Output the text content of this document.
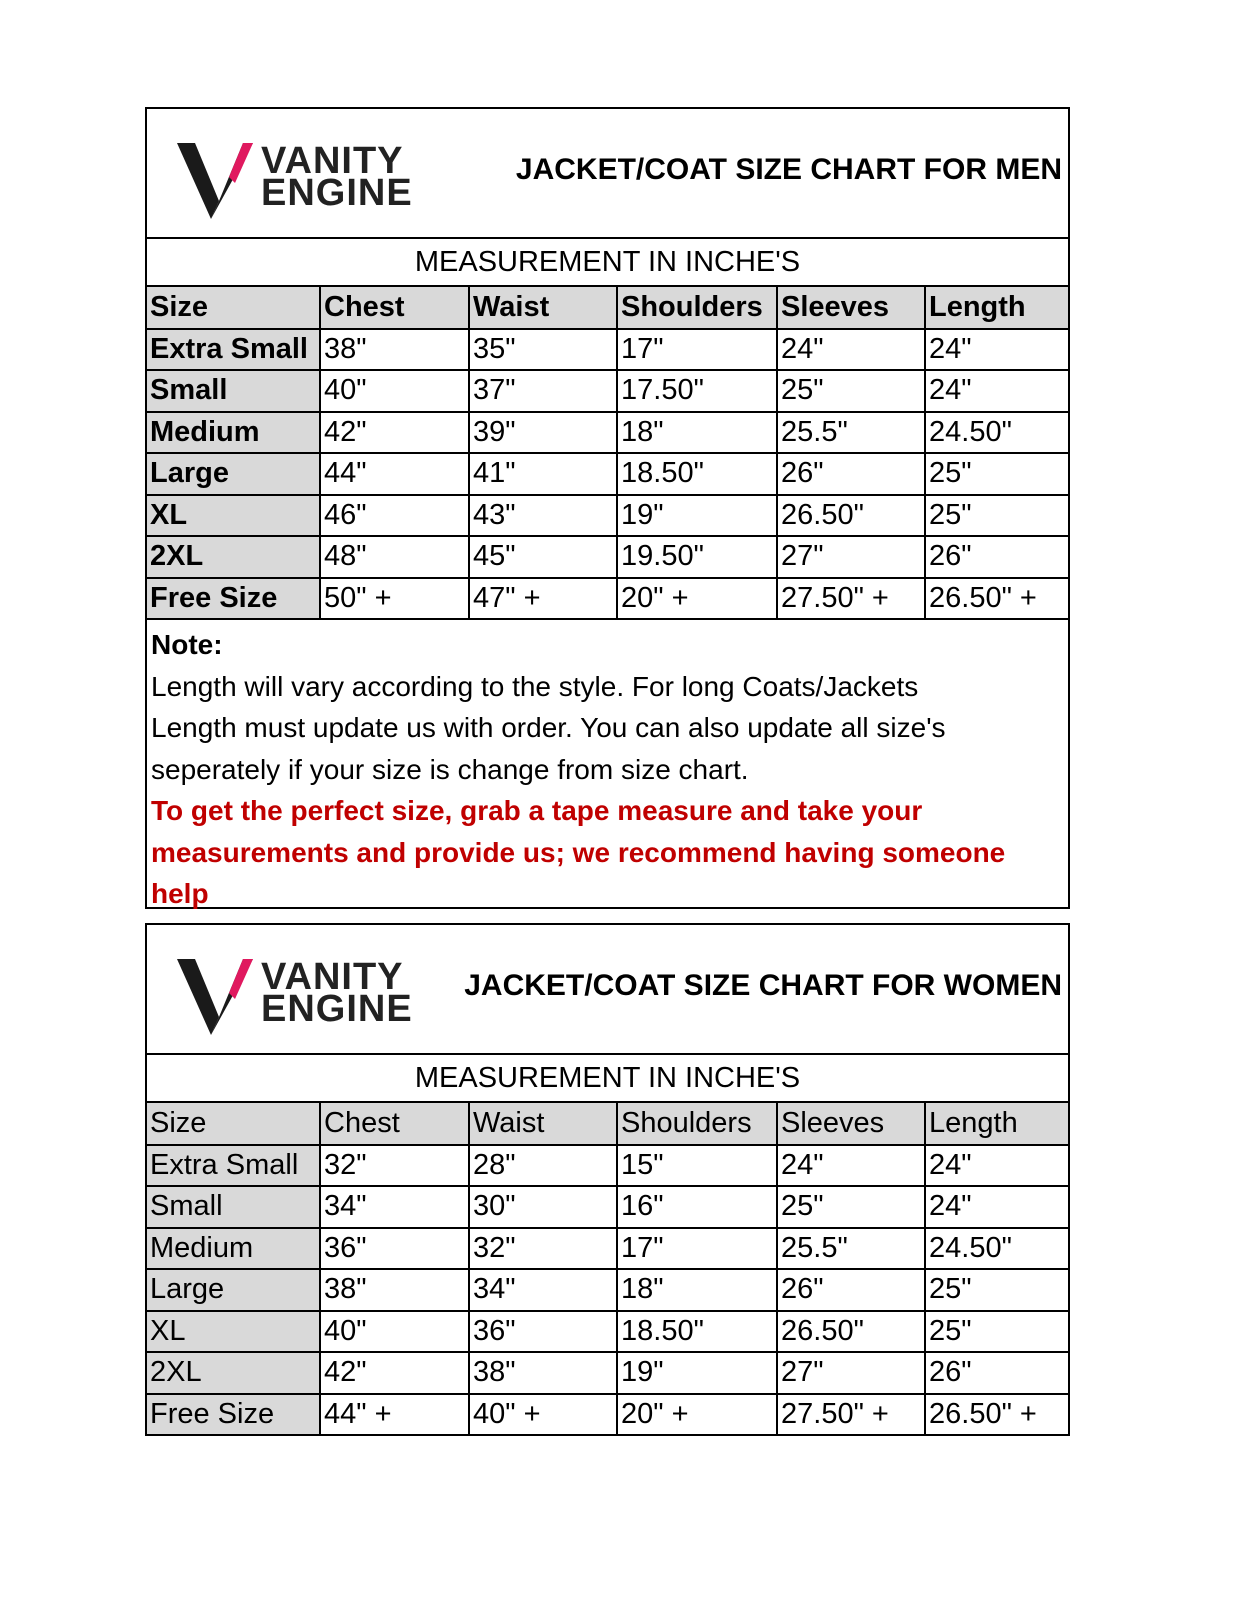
VANITY
ENGINE
JACKET/COAT SIZE CHART FOR MEN
MEASUREMENT IN INCHE'S
Size	Chest	Waist	Shoulders	Sleeves	Length
Extra Small	38"	35"	17"	24"	24"
Small	40"	37"	17.50"	25"	24"
Medium	42"	39"	18"	25.5"	24.50"
Large	44"	41"	18.50"	26"	25"
XL	46"	43"	19"	26.50"	25"
2XL	48"	45"	19.50"	27"	26"
Free Size	50" +	47" +	20" +	27.50" +	26.50" +
Note:
Length will vary according to the style. For long Coats/Jackets
Length must update us with order. You can also update all size's
seperately if your size is change from size chart.
To get the perfect size, grab a tape measure and take your
measurements and provide us; we recommend having someone help
VANITY
ENGINE
JACKET/COAT SIZE CHART FOR WOMEN
MEASUREMENT IN INCHE'S
Size	Chest	Waist	Shoulders	Sleeves	Length
Extra Small	32"	28"	15"	24"	24"
Small	34"	30"	16"	25"	24"
Medium	36"	32"	17"	25.5"	24.50"
Large	38"	34"	18"	26"	25"
XL	40"	36"	18.50"	26.50"	25"
2XL	42"	38"	19"	27"	26"
Free Size	44" +	40" +	20" +	27.50" +	26.50" +
